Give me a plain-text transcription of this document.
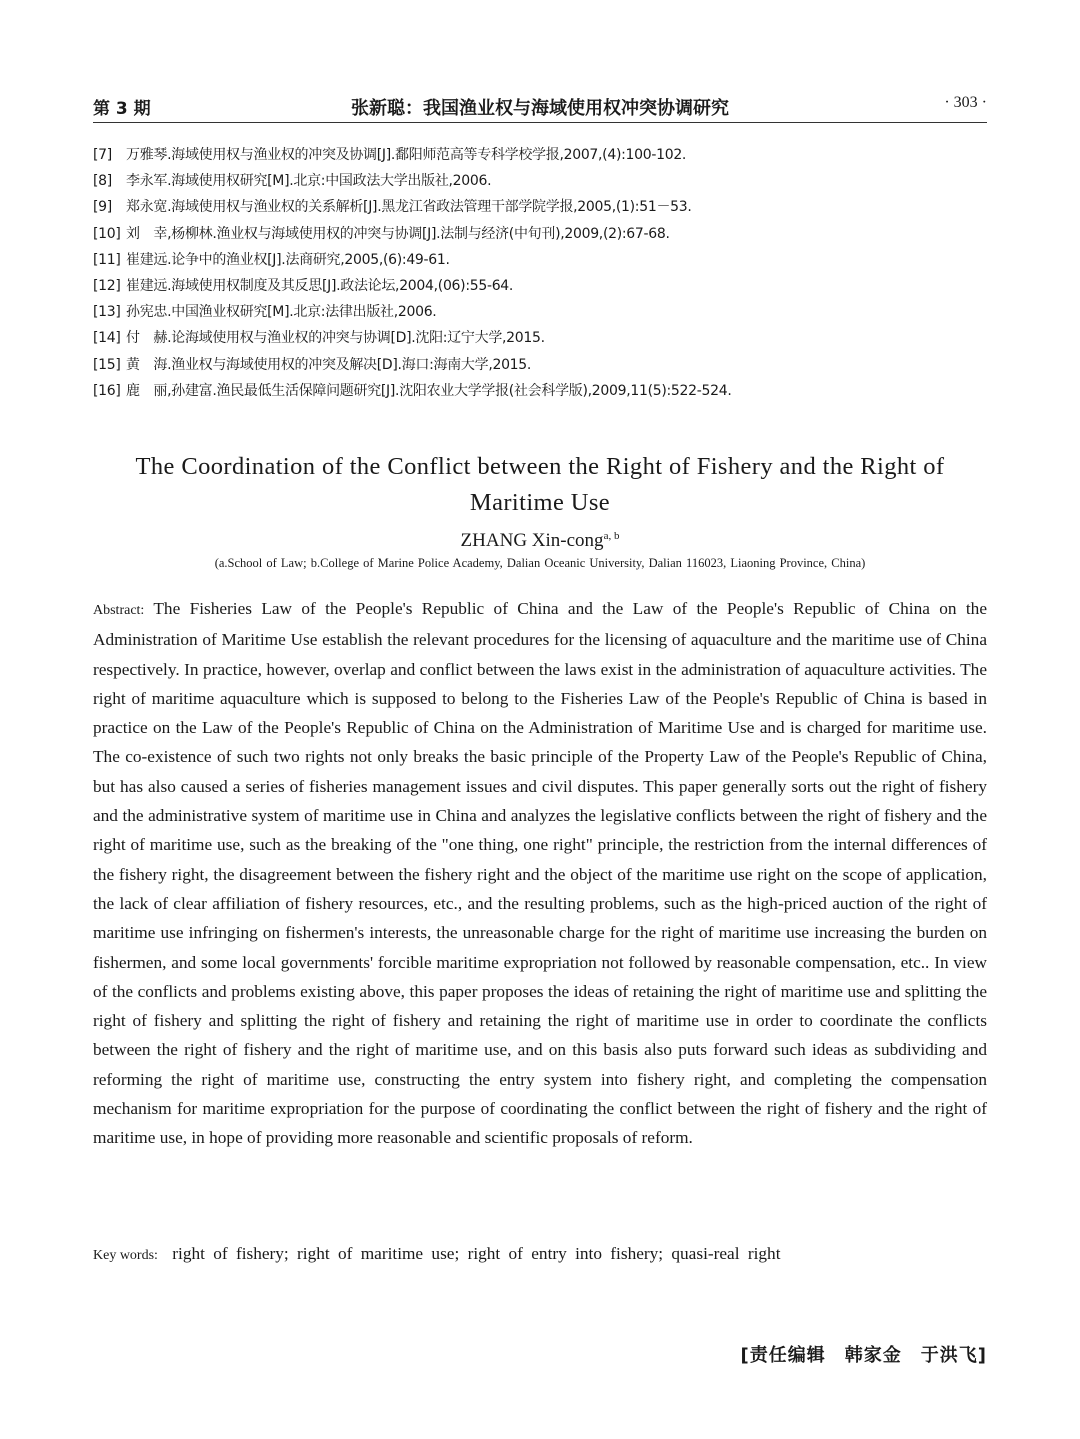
第 3 期	张新聪：我国渔业权与海域使用权冲突协调研究	· 303 ·
[7] 万雅琴.海域使用权与渔业权的冲突及协调[J].鄱阳师范高等专科学校学报,2007,(4):100-102.
[8] 李永军.海域使用权研究[M].北京:中国政法大学出版社,2006.
[9] 郑永宽.海域使用权与渔业权的关系解析[J].黑龙江省政法管理干部学院学报,2005,(1):51－53.
[10] 刘　幸,杨柳林.渔业权与海域使用权的冲突与协调[J].法制与经济(中旬刊),2009,(2):67-68.
[11] 崔建远.论争中的渔业权[J].法商研究,2005,(6):49-61.
[12] 崔建远.海域使用权制度及其反思[J].政法论坛,2004,(06):55-64.
[13] 孙宪忠.中国渔业权研究[M].北京:法律出版社,2006.
[14] 付　赫.论海域使用权与渔业权的冲突与协调[D].沈阳:辽宁大学,2015.
[15] 黄　海.渔业权与海域使用权的冲突及解决[D].海口:海南大学,2015.
[16] 鹿　丽,孙建富.渔民最低生活保障问题研究[J].沈阳农业大学学报(社会科学版),2009,11(5):522-524.
The Coordination of the Conflict between the Right of Fishery and the Right of Maritime Use
ZHANG Xin-cong$^{a, b}$
(a.School of Law; b.College of Marine Police Academy, Dalian Oceanic University, Dalian 116023, Liaoning Province, China)

Abstract: The Fisheries Law of the People's Republic of China and the Law of the People's Republic of China on the Administration of Maritime Use establish the relevant procedures for the licensing of aquaculture and the maritime use of China respectively. In practice, however, overlap and conflict between the laws exist in the administration of aquaculture activities. The right of maritime aquaculture which is supposed to belong to the Fisheries Law of the People's Republic of China is based in practice on the Law of the People's Republic of China on the Administration of Maritime Use and is charged for maritime use. The co-existence of such two rights not only breaks the basic principle of the Property Law of the People's Republic of China, but has also caused a series of fisheries management issues and civil disputes. This paper generally sorts out the right of fishery and the administrative system of maritime use in China and analyzes the legislative conflicts between the right of fishery and the right of maritime use, such as the breaking of the "one thing, one right" principle, the restriction from the internal differences of the fishery right, the disagreement between the fishery right and the object of the maritime use right on the scope of application, the lack of clear affiliation of fishery resources, etc., and the resulting problems, such as the high-priced auction of the right of maritime use infringing on fishermen's interests, the unreasonable charge for the right of maritime use increasing the burden on fishermen, and some local governments' forcible maritime expropriation not followed by reasonable compensation, etc.. In view of the conflicts and problems existing above, this paper proposes the ideas of retaining the right of maritime use and splitting the right of fishery and splitting the right of fishery and retaining the right of maritime use in order to coordinate the conflicts between the right of fishery and the right of maritime use, and on this basis also puts forward such ideas as subdividing and reforming the right of maritime use, constructing the entry system into fishery right, and completing the compensation mechanism for maritime expropriation for the purpose of coordinating the conflict between the right of fishery and the right of maritime use, in hope of providing more reasonable and scientific proposals of reform.

Key words: right of fishery; right of maritime use; right of entry into fishery; quasi-real right

[责任编辑　韩家金　于洪飞]
